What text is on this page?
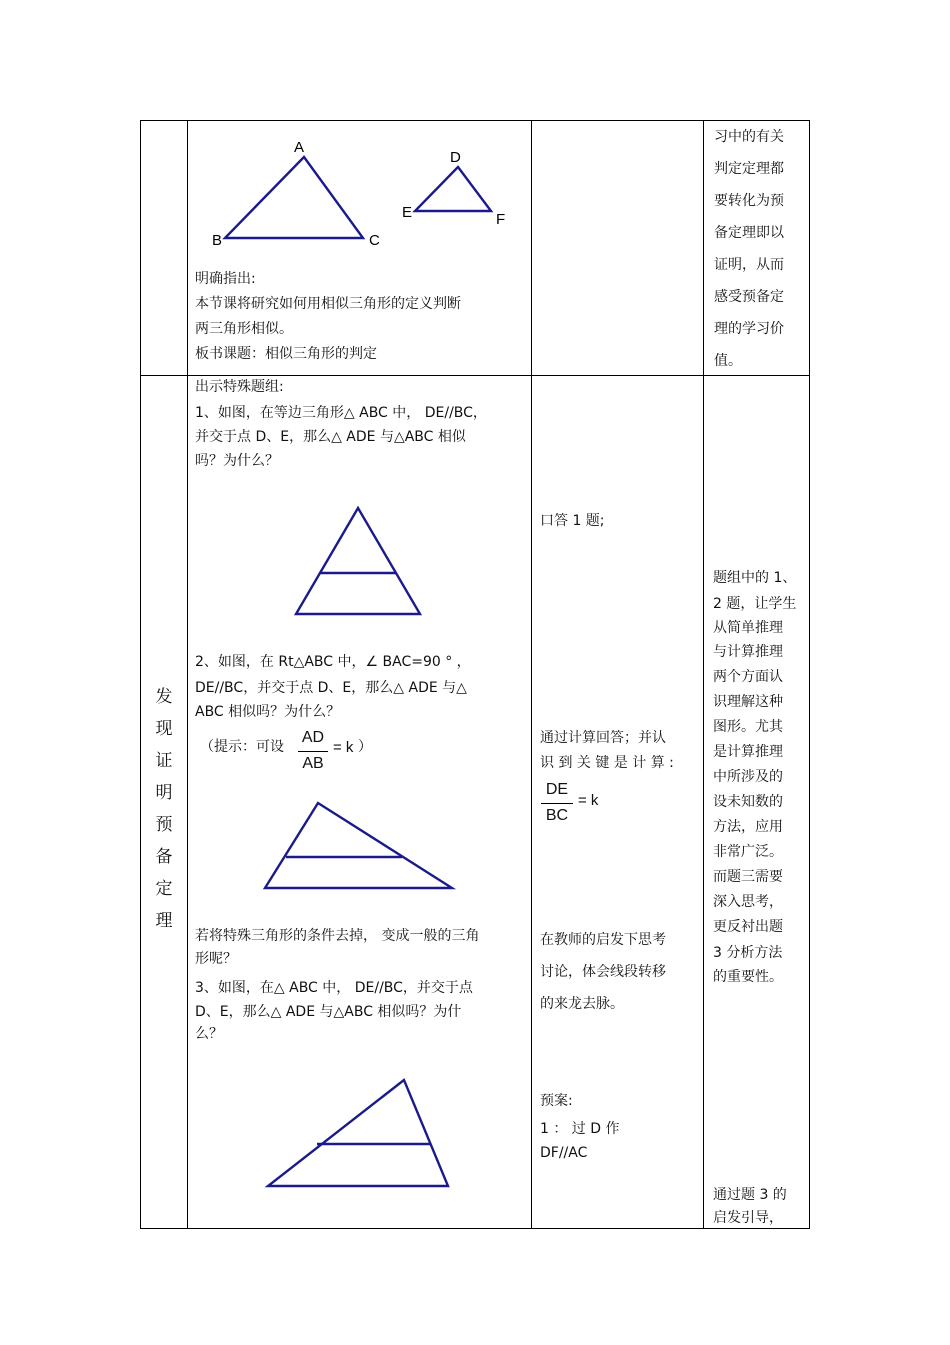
A
B	C
D
E	F
明确指出:
本节课将研究如何用相似三角形的定义判断
两三角形相似。
板书课题：相似三角形的判定
习中的有关
判定定理都
要转化为预
备定理即以
证明，从而
感受预备定
理的学习价
值。
发
现
证
明
预
备
定
理
出示特殊题组:
1、如图，在等边三角形△ ABC 中， DE//BC，
并交于点 D、E，那么△ ADE 与△ABC 相似
吗？为什么？
2、如图，在 Rt△ABC 中，∠ BAC=90 ° ，
DE//BC，并交于点 D、E，那么△ ADE 与△
ABC 相似吗？为什么？
（提示：可设
AD
AB
= k ）
若将特殊三角形的条件去掉， 变成一般的三角
形呢？
3、如图，在△ ABC 中， DE//BC，并交于点
D、E，那么△ ADE 与△ABC 相似吗？为什
么？
口答 1 题;
通过计算回答；并认
识 到 关 键 是 计 算 :
DE
BC
= k
在教师的启发下思考
讨论，体会线段转移
的来龙去脉。
预案:
1 ： 过 D 作
DF//AC
题组中的 1、
2 题，让学生
从简单推理
与计算推理
两个方面认
识理解这种
图形。尤其
是计算推理
中所涉及的
设未知数的
方法，应用
非常广泛。
而题三需要
深入思考，
更反衬出题
3 分析方法
的重要性。
通过题 3 的
启发引导，
